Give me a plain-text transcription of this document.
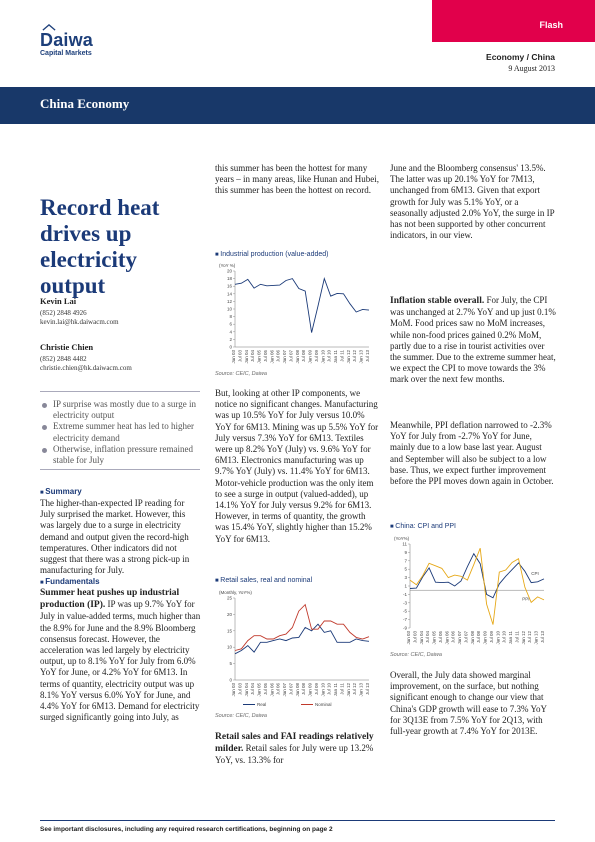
Flash
Daiwa
Capital Markets	Economy / China
9 August 2013
China Economy
Record heat drives up electricity output
Kevin Lai

(852) 2848 4926
kevin.lai@hk.daiwacm.com
Christie Chien

(852) 2848 4482
christie.chien@hk.daiwacm.com
IP surprise was mostly due to a surge in electricity output
Extreme summer heat has led to higher electricity demand
Otherwise, inflation pressure remained stable for July
■ Summary
The higher-than-expected IP reading for July surprised the market. However, this was largely due to a surge in electricity demand and output given the record-high temperatures. Other indicators did not suggest that there was a strong pick-up in manufacturing for July.
■ Fundamentals
Summer heat pushes up industrial production (IP). IP was up 9.7% YoY for July in value-added terms, much higher than the 8.9% for June and the 8.9% Bloomberg consensus forecast. However, the acceleration was led largely by electricity output, up to 8.1% YoY for July from 6.0% YoY for June, or 4.2% YoY for 6M13. In terms of quantity, electricity output was up 8.1% YoY versus 6.0% YoY for June, and 4.4% YoY for 6M13. Demand for electricity surged significantly going into July, as
this summer has been the hottest for many years – in many areas, like Hunan and Hubei, this summer has been the hottest on record.
■ Industrial production (value-added)
(YoY %)
0
2
4
6
8
10
12
14
16
18
20
Jan 03 Jul 03 Jan 04 Jul 04 Jan 05 Jul 05 Jan 06 Jul 06 Jan 07 Jul 07 Jan 08 Jul 08 Jan 09 Jul 09 Jan 10 Jul 10 Jan 11 Jul 11 Jan 12 Jul 12 Jan 13 Jul 13
Source: CEIC, Daiwa
But, looking at other IP components, we notice no significant changes. Manufacturing was up 10.5% YoY for July versus 10.0% YoY for 6M13. Mining was up 5.5% YoY for July versus 7.3% YoY for 6M13. Textiles were up 8.2% YoY (July) vs. 9.6% YoY for 6M13. Electronics manufacturing was up 9.7% YoY (July) vs. 11.4% YoY for 6M13. Motor-vehicle production was the only item to see a surge in output (valued-added), up 14.1% YoY for July versus 9.2% for 6M13. However, in terms of quantity, the growth was 15.4% YoY, slightly higher than 15.2% YoY for 6M13.
■ Retail sales, real and nominal
(Monthly, YoY%)
0
5
10
15
20
25
Jan 03 Jul 03 Jan 04 Jul 04 Jan 05 Jul 05 Jan 06 Jul 06 Jan 07 Jul 07 Jan 08 Jul 08 Jan 09 Jul 09 Jan 10 Jul 10 Jan 11 Jul 11 Jan 12 Jul 12 Jan 13 Jul 13
Real	Nominal
Source: CEIC, Daiwa
Retail sales and FAI readings relatively milder. Retail sales for July were up 13.2% YoY, vs. 13.3% for
June and the Bloomberg consensus' 13.5%. The latter was up 20.1% YoY for 7M13, unchanged from 6M13. Given that export growth for July was 5.1% YoY, or a seasonally adjusted 2.0% YoY, the surge in IP has not been supported by other concurrent indicators, in our view.
Inflation stable overall. For July, the CPI was unchanged at 2.7% YoY and up just 0.1% MoM. Food prices saw no MoM increases, while non-food prices gained 0.2% MoM, partly due to a rise in tourist activities over the summer. Due to the extreme summer heat, we expect the CPI to move towards the 3% mark over the next few months.
Meanwhile, PPI deflation narrowed to -2.3% YoY for July from -2.7% YoY for June, mainly due to a low base last year. August and September will also be subject to a low base. Thus, we expect further improvement before the PPI moves down again in October.
■ China: CPI and PPI
(YoY%)
-9
-7
-5
-3
-1
1
3
5
7
9
11
Jan 03 Jul 03 Jan 04 Jul 04 Jan 05 Jul 05 Jan 06 Jul 06 Jan 07 Jul 07 Jan 08 Jul 08 Jan 09 Jul 09 Jan 10 Jul 10 Jan 11 Jul 11 Jan 12 Jul 12 Jan 13 Jul 13
CPI
PPI
Source: CEIC, Daiwa
Overall, the July data showed marginal improvement, on the surface, but nothing significant enough to change our view that China's GDP growth will ease to 7.3% YoY for 3Q13E from 7.5% YoY for 2Q13, with full-year growth at 7.4% YoY for 2013E.
See important disclosures, including any required research certifications, beginning on page 2
